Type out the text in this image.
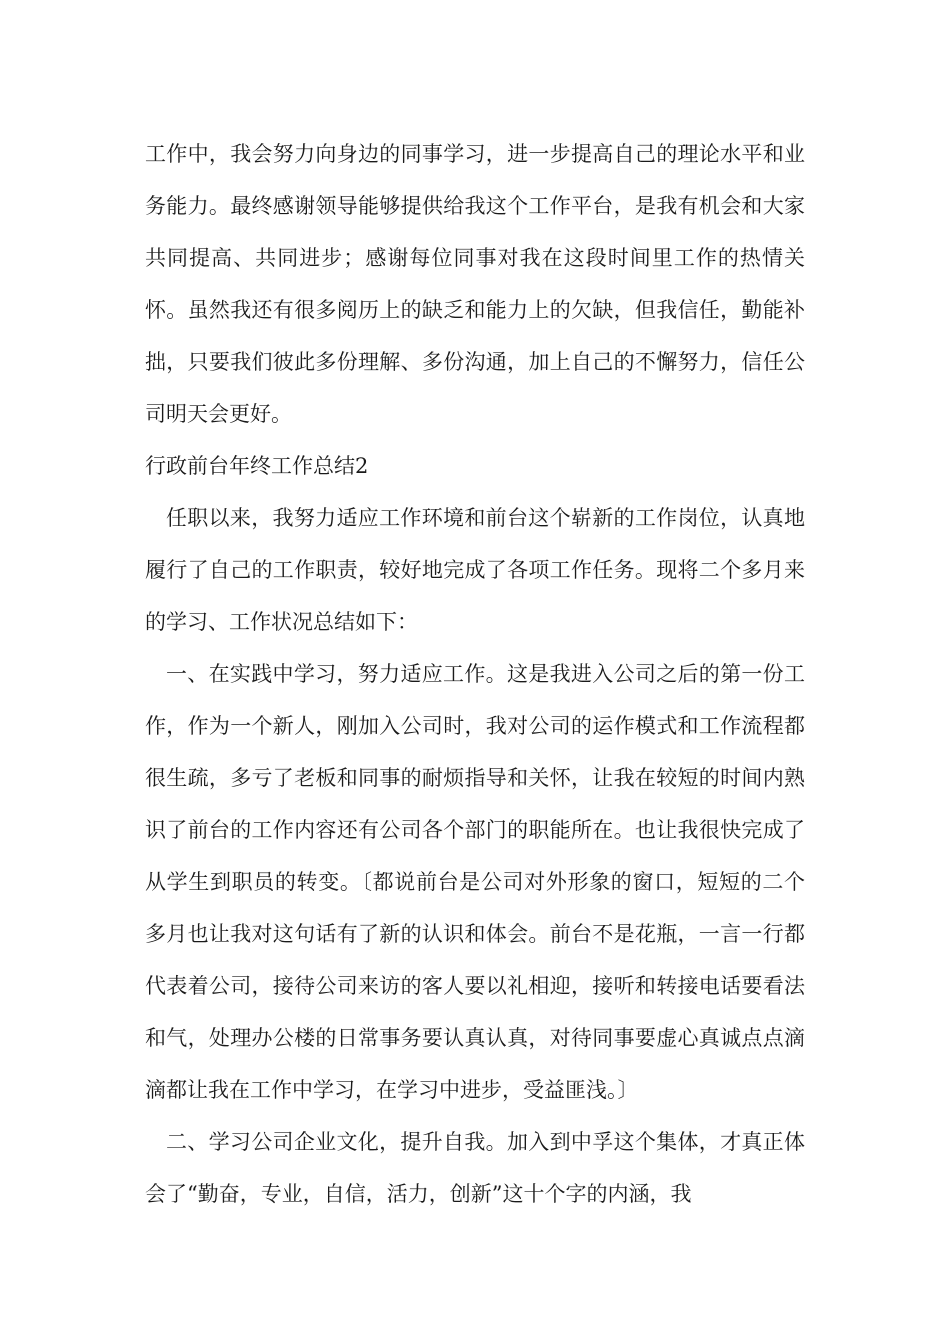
工作中，我会努力向身边的同事学习，进一步提高自己的理论水平和业务能力。最终感谢领导能够提供给我这个工作平台，是我有机会和大家共同提高、共同进步；感谢每位同事对我在这段时间里工作的热情关怀。虽然我还有很多阅历上的缺乏和能力上的欠缺，但我信任，勤能补拙，只要我们彼此多份理解、多份沟通，加上自己的不懈努力，信任公司明天会更好。

行政前台年终工作总结2

任职以来，我努力适应工作环境和前台这个崭新的工作岗位，认真地履行了自己的工作职责，较好地完成了各项工作任务。现将二个多月来的学习、工作状况总结如下：

一、在实践中学习，努力适应工作。这是我进入公司之后的第一份工作，作为一个新人，刚加入公司时，我对公司的运作模式和工作流程都很生疏，多亏了老板和同事的耐烦指导和关怀，让我在较短的时间内熟识了前台的工作内容还有公司各个部门的职能所在。也让我很快完成了从学生到职员的转变。〔都说前台是公司对外形象的窗口，短短的二个多月也让我对这句话有了新的认识和体会。前台不是花瓶，一言一行都代表着公司，接待公司来访的客人要以礼相迎，接听和转接电话要看法和气，处理办公楼的日常事务要认真认真，对待同事要虚心真诚点点滴滴都让我在工作中学习，在学习中进步，受益匪浅。〕

二、学习公司企业文化，提升自我。加入到中孚这个集体，才真正体会了“勤奋，专业，自信，活力，创新”这十个字的内涵，我
